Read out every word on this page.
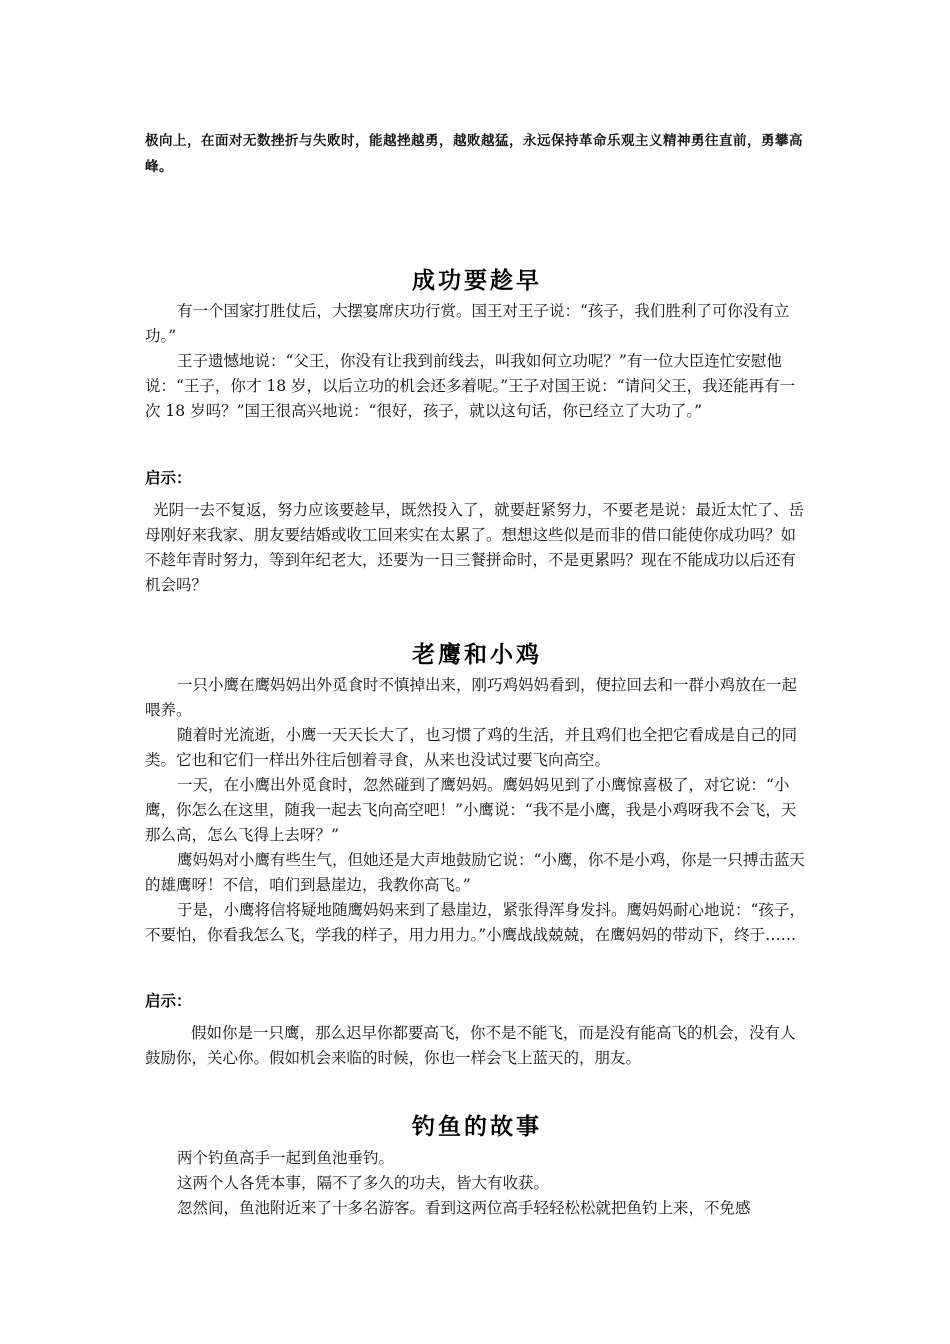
极向上，在面对无数挫折与失败时，能越挫越勇，越败越猛，永远保持革命乐观主义精神勇往直前，勇攀高峰。

成功要趁早

有一个国家打胜仗后，大摆宴席庆功行赏。国王对王子说：“孩子，我们胜利了可你没有立功。”

王子遗憾地说：“父王，你没有让我到前线去，叫我如何立功呢？”有一位大臣连忙安慰他说：“王子，你才 18 岁，以后立功的机会还多着呢。”王子对国王说：“请问父王，我还能再有一次 18 岁吗？”国王很高兴地说：“很好，孩子，就以这句话，你已经立了大功了。”

启示：

光阴一去不复返，努力应该要趁早，既然投入了，就要赶紧努力，不要老是说：最近太忙了、岳母刚好来我家、朋友要结婚或收工回来实在太累了。想想这些似是而非的借口能使你成功吗？如不趁年青时努力，等到年纪老大，还要为一日三餐拼命时，不是更累吗？现在不能成功以后还有机会吗？

老鹰和小鸡

一只小鹰在鹰妈妈出外觅食时不慎掉出来，刚巧鸡妈妈看到，便拉回去和一群小鸡放在一起喂养。

随着时光流逝，小鹰一天天长大了，也习惯了鸡的生活，并且鸡们也全把它看成是自己的同类。它也和它们一样出外往后刨着寻食，从来也没试过要飞向高空。

一天，在小鹰出外觅食时，忽然碰到了鹰妈妈。鹰妈妈见到了小鹰惊喜极了，对它说：“小鹰，你怎么在这里，随我一起去飞向高空吧！”小鹰说：“我不是小鹰，我是小鸡呀我不会飞，天那么高，怎么飞得上去呀？”

鹰妈妈对小鹰有些生气，但她还是大声地鼓励它说：“小鹰，你不是小鸡，你是一只搏击蓝天的雄鹰呀！不信，咱们到悬崖边，我教你高飞。”

于是，小鹰将信将疑地随鹰妈妈来到了悬崖边，紧张得浑身发抖。鹰妈妈耐心地说：“孩子，不要怕，你看我怎么飞，学我的样子，用力用力。”小鹰战战兢兢，在鹰妈妈的带动下，终于……

启示：

假如你是一只鹰，那么迟早你都要高飞，你不是不能飞，而是没有能高飞的机会，没有人鼓励你，关心你。假如机会来临的时候，你也一样会飞上蓝天的，朋友。

钓鱼的故事

两个钓鱼高手一起到鱼池垂钓。

这两个人各凭本事，隔不了多久的功夫，皆大有收获。

忽然间，鱼池附近来了十多名游客。看到这两位高手轻轻松松就把鱼钓上来，不免感
